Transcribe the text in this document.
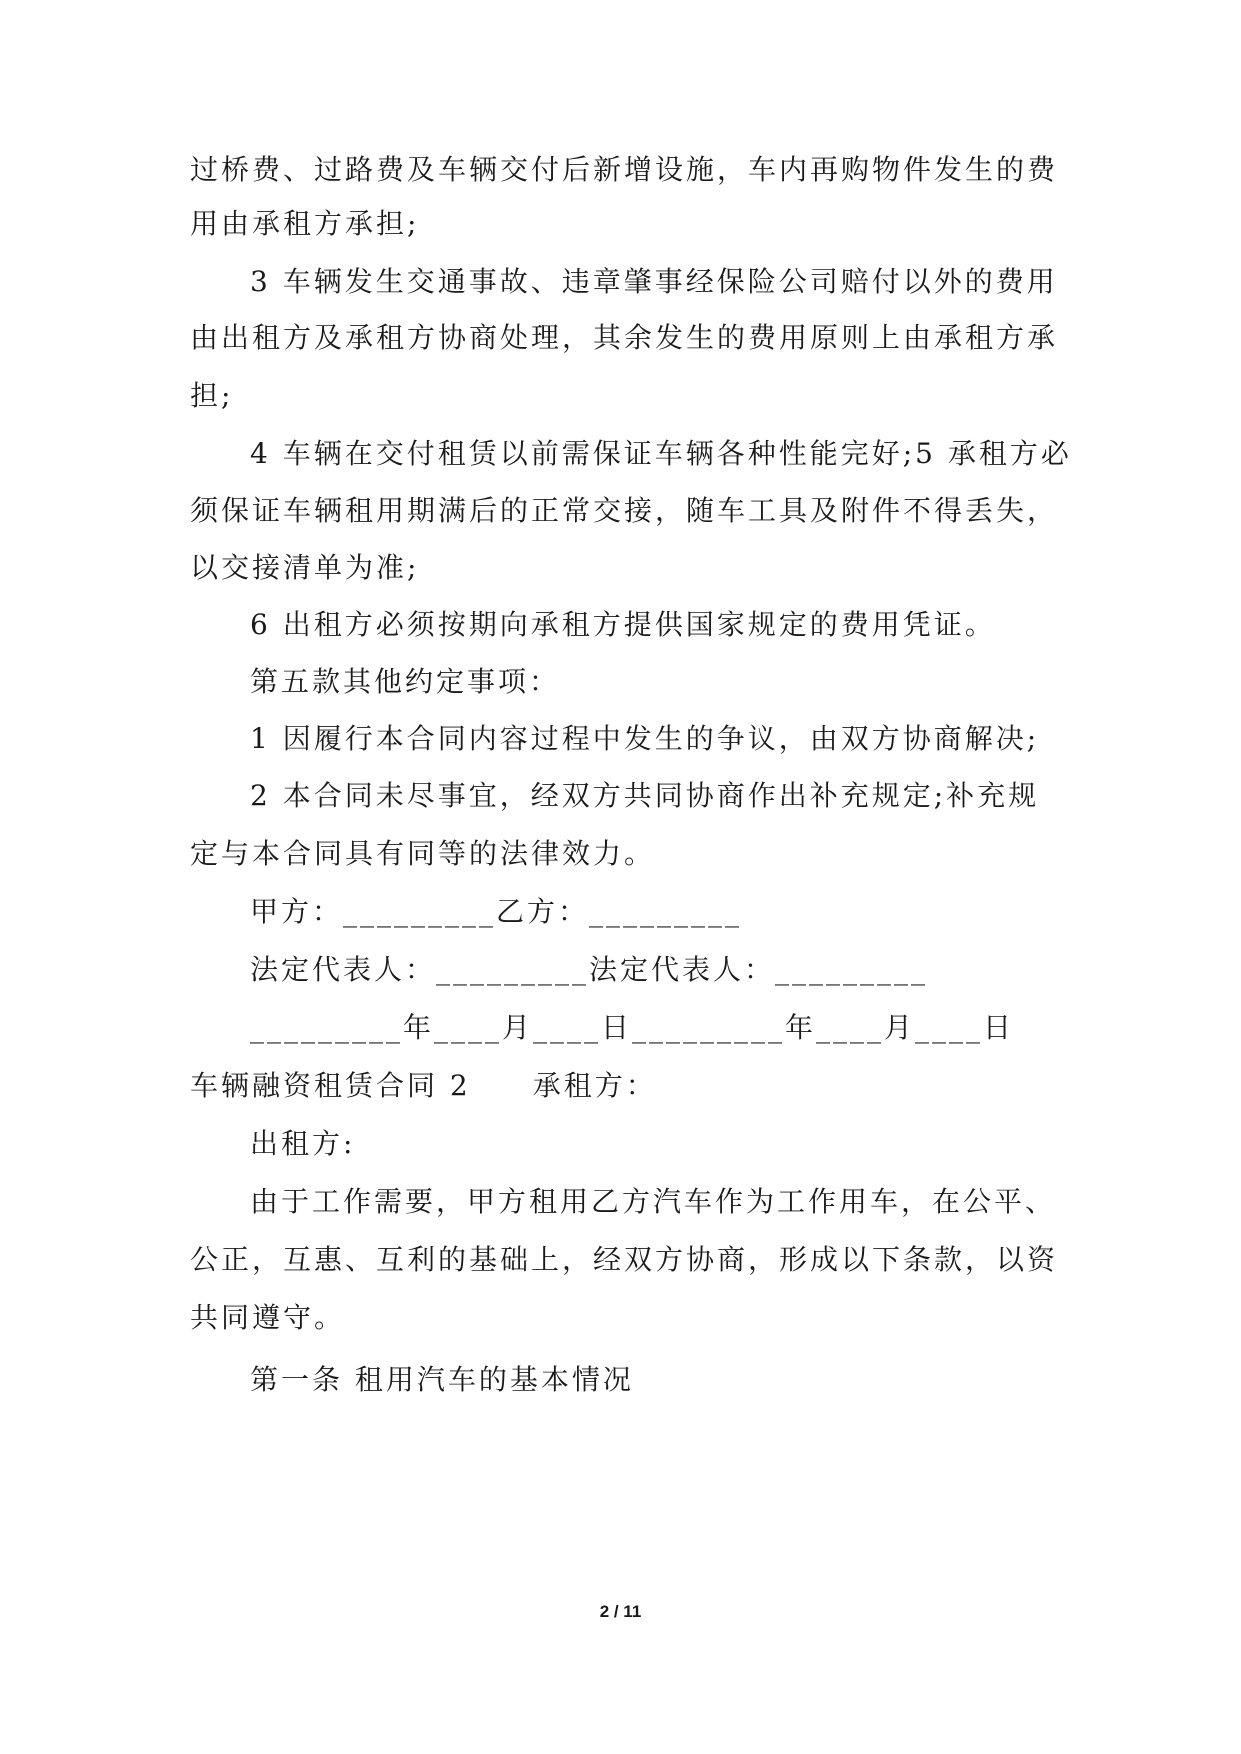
过桥费、过路费及车辆交付后新增设施，车内再购物件发生的费
用由承租方承担;
3 车辆发生交通事故、违章肇事经保险公司赔付以外的费用
由出租方及承租方协商处理，其余发生的费用原则上由承租方承
担;
4 车辆在交付租赁以前需保证车辆各种性能完好;5 承租方必
须保证车辆租用期满后的正常交接，随车工具及附件不得丢失，
以交接清单为准;
6 出租方必须按期向承租方提供国家规定的费用凭证。
第五款其他约定事项：
1 因履行本合同内容过程中发生的争议，由双方协商解决;
2 本合同未尽事宜，经双方共同协商作出补充规定;补充规
定与本合同具有同等的法律效力。
甲方：_________乙方：_________
法定代表人：_________法定代表人：_________
_________年____月____日_________年____月____日
车辆融资租赁合同 2　　承租方：
出租方:
由于工作需要，甲方租用乙方汽车作为工作用车，在公平、
公正，互惠、互利的基础上，经双方协商，形成以下条款，以资
共同遵守。
第一条 租用汽车的基本情况
2 / 11
